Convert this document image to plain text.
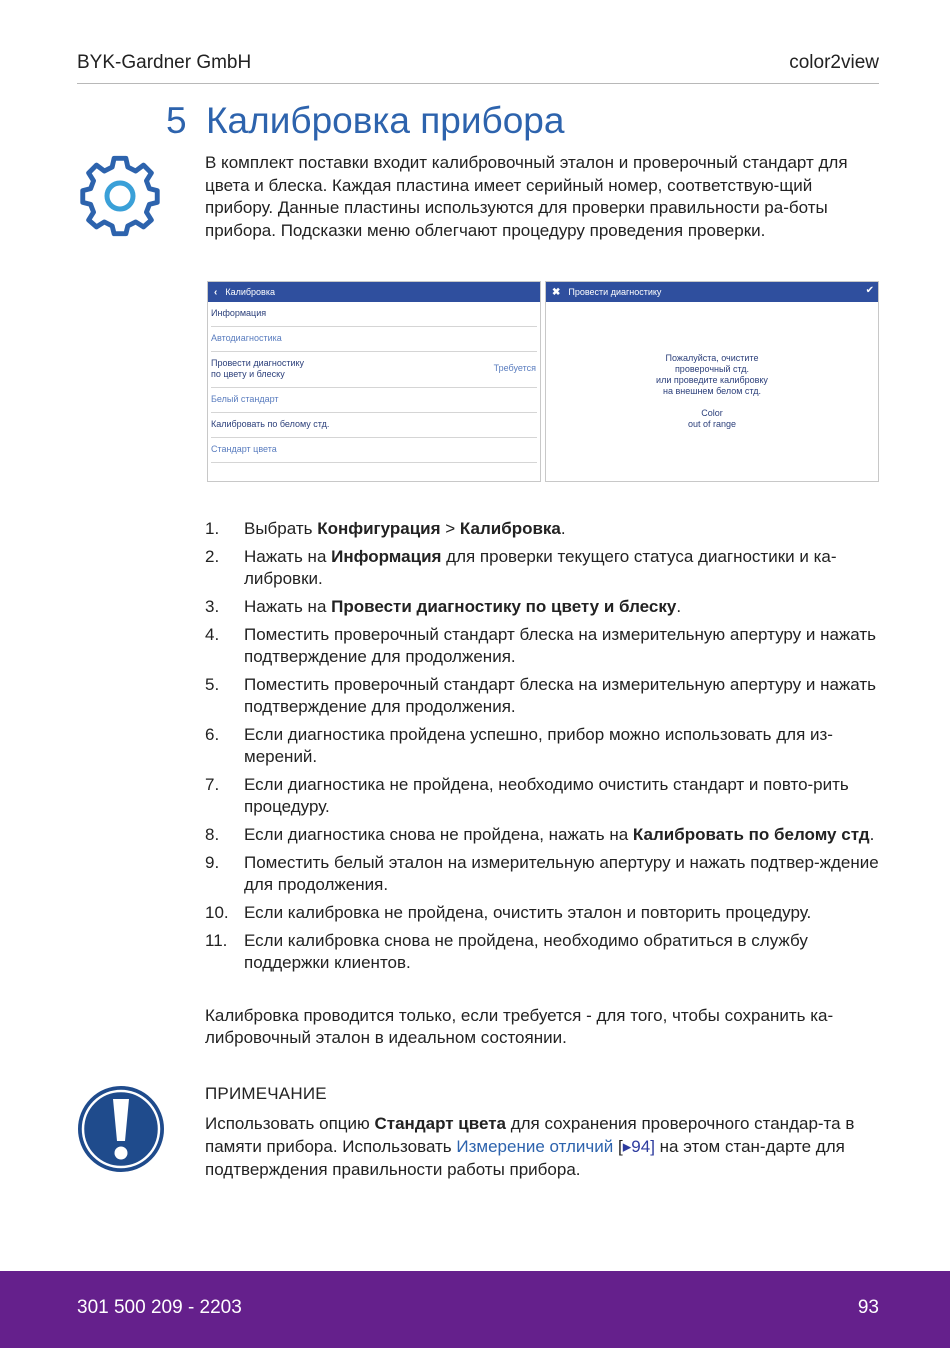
BYK-Gardner GmbH	color2view
5 Калибровка прибора
В комплект поставки входит калибровочный эталон и проверочный стандарт для цвета и блеска. Каждая пластина имеет серийный номер, соответствую-щий прибору. Данные пластины используются для проверки правильности ра-боты прибора. Подсказки меню облегчают процедуру проведения проверки.
‹ Калибровка
Информация
Автодиагностика
Провести диагностику
по цвету и блеску
Требуется
Белый стандарт
Калибровать по белому стд.
Стандарт цвета
✖ Провести диагностику	✔
Пожалуйста, очистите
проверочный стд.
или проведите калибровку
на внешнем белом стд.
Color
out of range
1. Выбрать Конфигурация > Калибровка.
2. Нажать на Информация для проверки текущего статуса диагностики и ка-либровки.
3. Нажать на Провести диагностику по цвету и блеску.
4. Поместить проверочный стандарт блеска на измерительную апертуру и нажать подтверждение для продолжения.
5. Поместить проверочный стандарт блеска на измерительную апертуру и нажать подтверждение для продолжения.
6. Если диагностика пройдена успешно, прибор можно использовать для из-мерений.
7. Если диагностика не пройдена, необходимо очистить стандарт и повто-рить процедуру.
8. Если диагностика снова не пройдена, нажать на Калибровать по белому стд.
9. Поместить белый эталон на измерительную апертуру и нажать подтвер-ждение для продолжения.
10. Если калибровка не пройдена, очистить эталон и повторить процедуру.
11. Если калибровка снова не пройдена, необходимо обратиться в службу поддержки клиентов.
Калибровка проводится только, если требуется - для того, чтобы сохранить ка-либровочный эталон в идеальном состоянии.
ПРИМЕЧАНИЕ
Использовать опцию Стандарт цвета для сохранения проверочного стандар-та в памяти прибора. Использовать Измерение отличий [▸94] на этом стан-дарте для подтверждения правильности работы прибора.
301 500 209 - 2203	93
